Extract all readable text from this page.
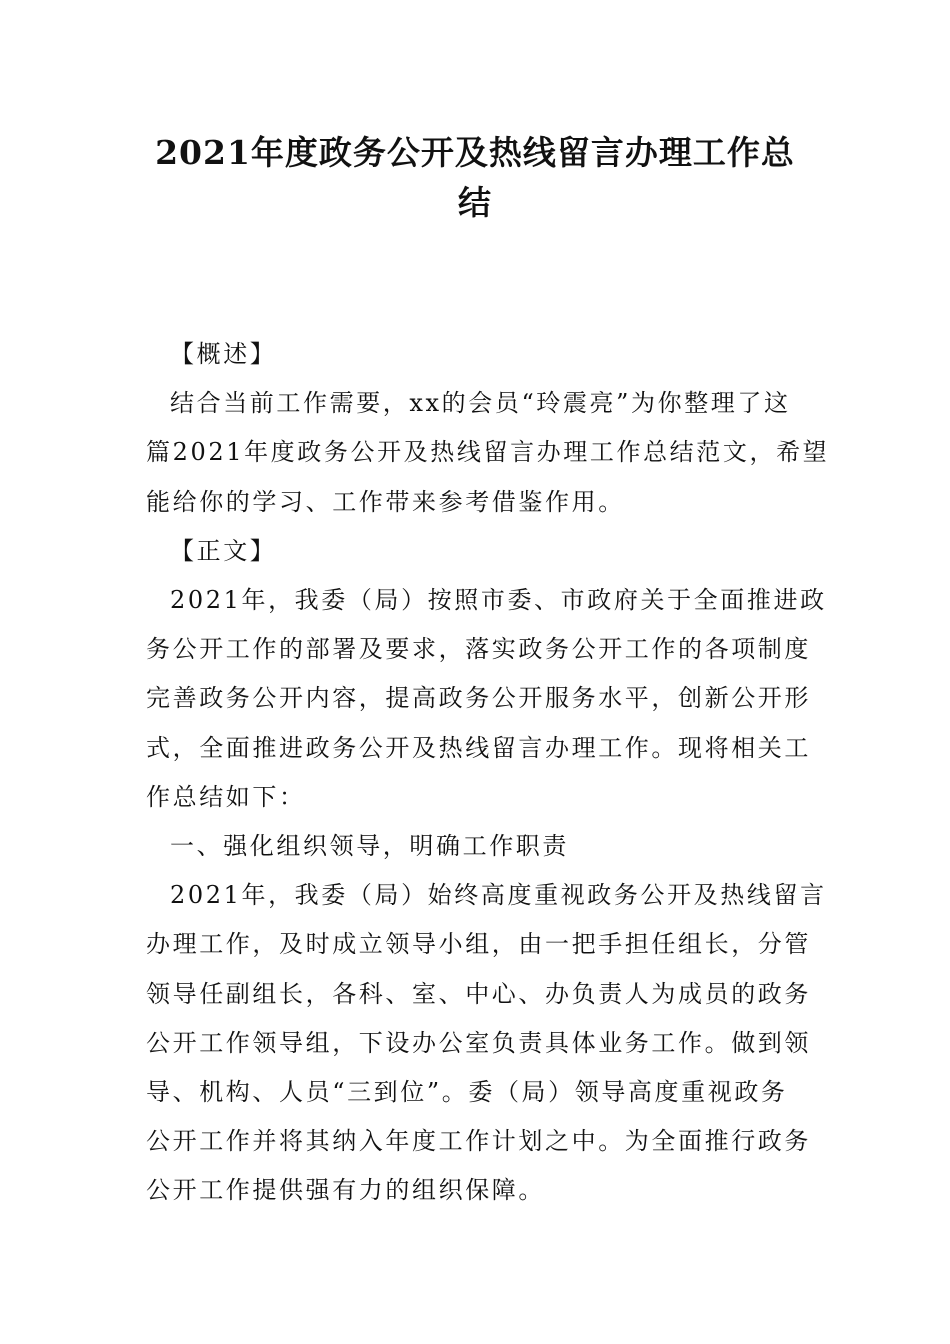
2021年度政务公开及热线留言办理工作总
结

【概述】

结合当前工作需要，xx的会员“玲震亮”为你整理了这
篇2021年度政务公开及热线留言办理工作总结范文，希望
能给你的学习、工作带来参考借鉴作用。

【正文】

2021年，我委（局）按照市委、市政府关于全面推进政
务公开工作的部署及要求，落实政务公开工作的各项制度
完善政务公开内容，提高政务公开服务水平，创新公开形
式，全面推进政务公开及热线留言办理工作。现将相关工
作总结如下：

一、强化组织领导，明确工作职责

2021年，我委（局）始终高度重视政务公开及热线留言
办理工作，及时成立领导小组，由一把手担任组长，分管
领导任副组长，各科、室、中心、办负责人为成员的政务
公开工作领导组，下设办公室负责具体业务工作。做到领
导、机构、人员“三到位”。委（局）领导高度重视政务
公开工作并将其纳入年度工作计划之中。为全面推行政务
公开工作提供强有力的组织保障。
